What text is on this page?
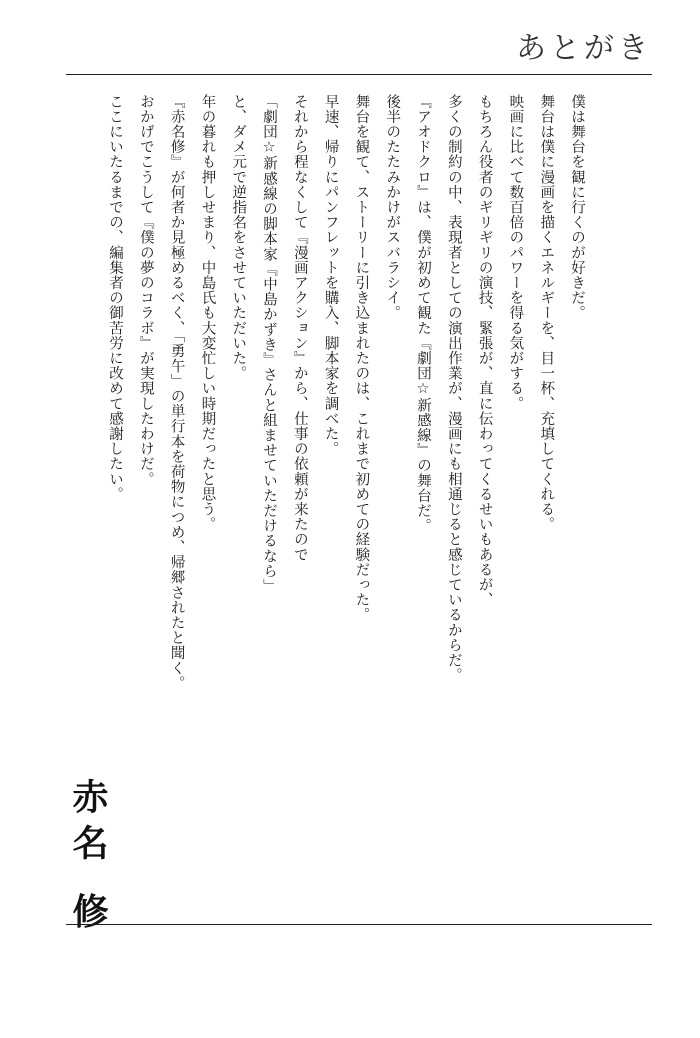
あとがき
僕は舞台を観に行くのが好きだ。
舞台は僕に漫画を描くエネルギーを、目一杯、充填してくれる。
映画に比べて数百倍のパワーを得る気がする。
もちろん役者のギリギリの演技、緊張が、直に伝わってくるせいもあるが、
多くの制約の中、表現者としての演出作業が、漫画にも相通じると感じているからだ。
『アオドクロ』は、僕が初めて観た『劇団☆新感線』の舞台だ。
後半のたたみかけがスバラシイ。
舞台を観て、ストーリーに引き込まれたのは、これまで初めての経験だった。
早速、帰りにパンフレットを購入、脚本家を調べた。
それから程なくして『漫画アクション』から、仕事の依頼が来たので
「劇団☆新感線の脚本家『中島かずき』さんと組ませていただけるなら」
と、ダメ元で逆指名をさせていただいた。
年の暮れも押しせまり、中島氏も大変忙しい時期だったと思う。
『赤名修』が何者か見極めるべく、「勇午」の単行本を荷物につめ、帰郷されたと聞く。
おかげでこうして『僕の夢のコラボ』が実現したわけだ。
ここにいたるまでの、編集者の御苦労に改めて感謝したい。
赤名 修
